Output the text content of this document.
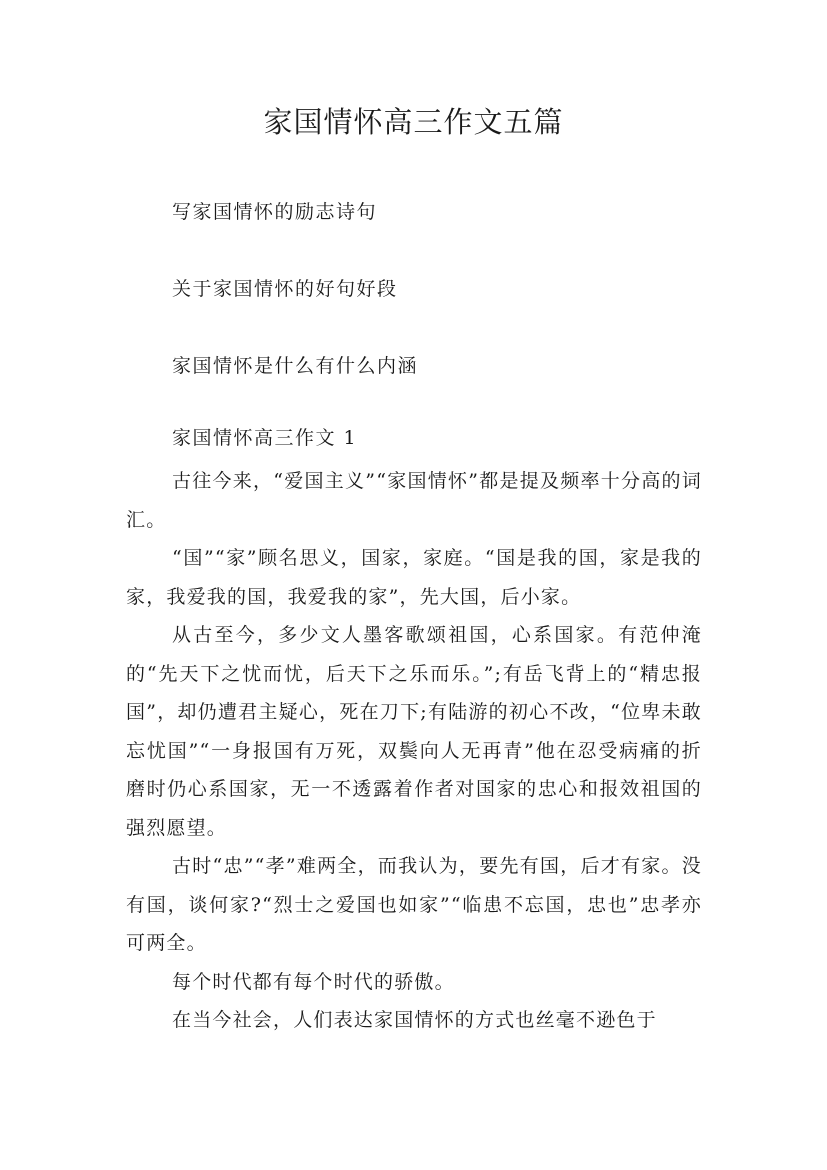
家国情怀高三作文五篇
写家国情怀的励志诗句
关于家国情怀的好句好段
家国情怀是什么有什么内涵
家国情怀高三作文 1

古往今来，“爱国主义”“家国情怀”都是提及频率十分高的词汇。

“国”“家”顾名思义，国家，家庭。“国是我的国，家是我的家，我爱我的国，我爱我的家”，先大国，后小家。

从古至今，多少文人墨客歌颂祖国，心系国家。有范仲淹的“先天下之忧而忧，后天下之乐而乐。”;有岳飞背上的“精忠报国”，却仍遭君主疑心，死在刀下;有陆游的初心不改，“位卑未敢忘忧国”“一身报国有万死，双鬓向人无再青”他在忍受病痛的折磨时仍心系国家，无一不透露着作者对国家的忠心和报效祖国的强烈愿望。

古时“忠”“孝”难两全，而我认为，要先有国，后才有家。没有国，谈何家?“烈士之爱国也如家”“临患不忘国，忠也”忠孝亦可两全。

每个时代都有每个时代的骄傲。

在当今社会，人们表达家国情怀的方式也丝毫不逊色于
